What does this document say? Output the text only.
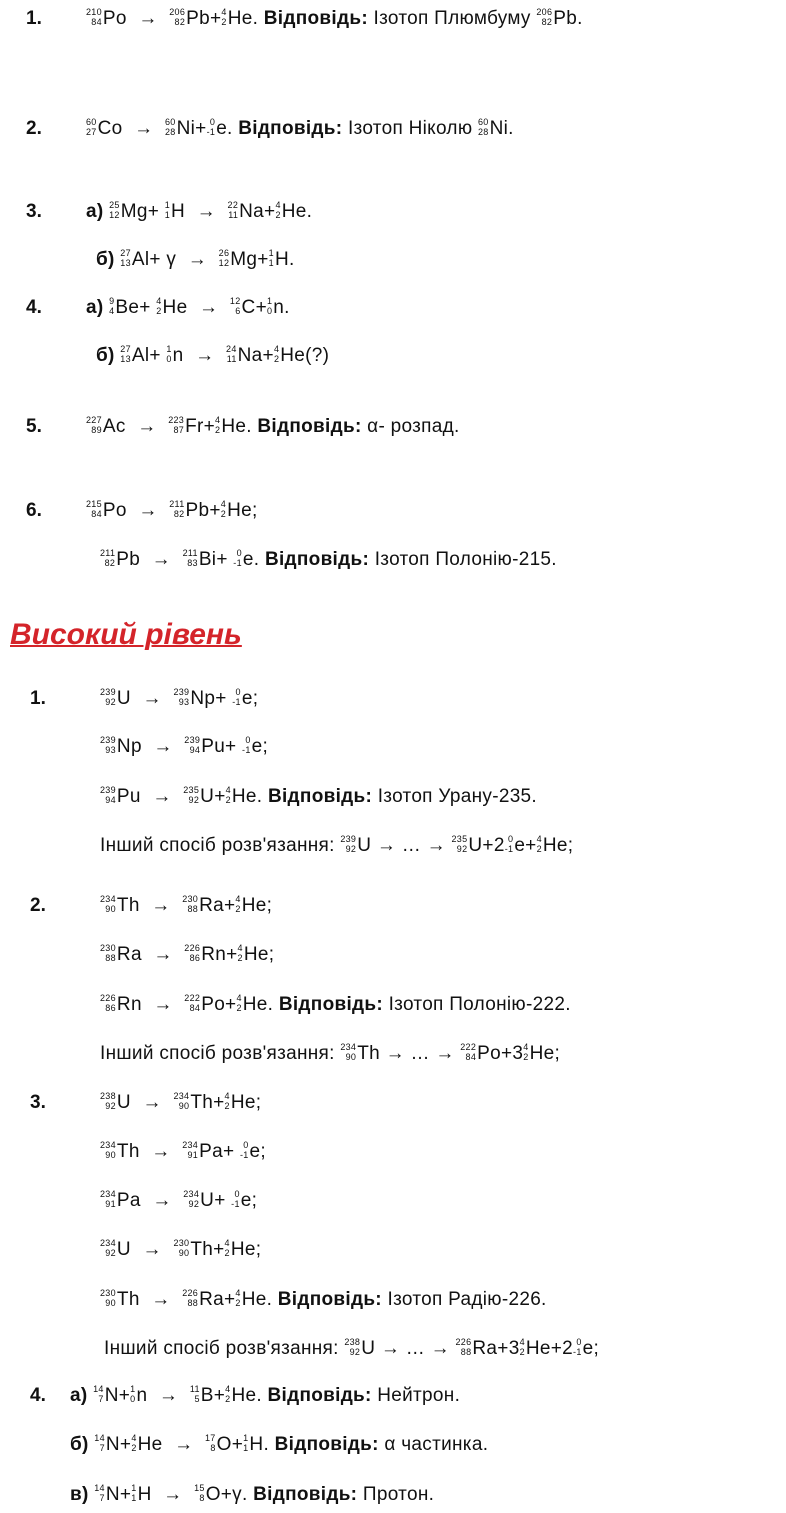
1.	210
84 Po → 206
82 Pb+ 4
2 He. Відповідь: Ізотоп Плюмбуму 206
82 Pb.
2.	60
27 Co → 60
28 Ni+ 0
-1 e. Відповідь: Ізотоп Ніколю 60
28 Ni.
3. а) 25
12 Mg+ 1
1 H → 22
11 Na+ 4
2 He.
б) 27
13 Al+ γ → 26
12 Mg+ 1
1 H.
4. а) 9
4 Be+ 4
2 He → 12
6 C+ 1
0 n.
б) 27
13 Al+ 1
0 n → 24
11 Na+ 4
2 He(?)
5.	227
89 Ac → 223
87 Fr+ 4
2 He. Відповідь: α- розпад.
6.	215
84 Po → 211
82 Pb+ 4
2 He;
211
82 Pb → 211
83 Bi+ 0
-1 e. Відповідь: Ізотоп Полонію-215.
Високий рівень
1.	239
92 U → 239
93 Np+ 0
-1 e;
239
93 Np → 239
94 Pu+ 0
-1 e;
239
94 Pu → 235
92 U+ 4
2 He. Відповідь: Ізотоп Урану-235.
Інший спосіб розв'язання: 239
92 U → … → 235
92 U+2 0
-1 e+ 4
2 He;
2.	234
90 Th → 230
88 Ra+ 4
2 He;
230
88 Ra → 226
86 Rn+ 4
2 He;
226
86 Rn → 222
84 Po+ 4
2 He. Відповідь: Ізотоп Полонію-222.
Інший спосіб розв'язання: 234
90 Th → … → 222
84 Po+3 4
2 He;
3.	238
92 U → 234
90 Th+ 4
2 He;
234
90 Th → 234
91 Pa+ 0
-1 e;
234
91 Pa → 234
92 U+ 0
-1 e;
234
92 U → 230
90 Th+ 4
2 He;
230
90 Th → 226
88 Ra+ 4
2 He. Відповідь: Ізотоп Радію-226.
Інший спосіб розв'язання: 238
92 U → … → 226
88 Ra+3 4
2 He+2 0
-1 e;
4. а) 14
7 N+ 1
0 n → 11
5 B+ 4
2 He. Відповідь: Нейтрон.
б) 14
7 N+ 4
2 He → 17
8 O+ 1
1 H. Відповідь: α частинка.
в) 14
7 N+ 1
1 H → 15
8 O+γ. Відповідь: Протон.
